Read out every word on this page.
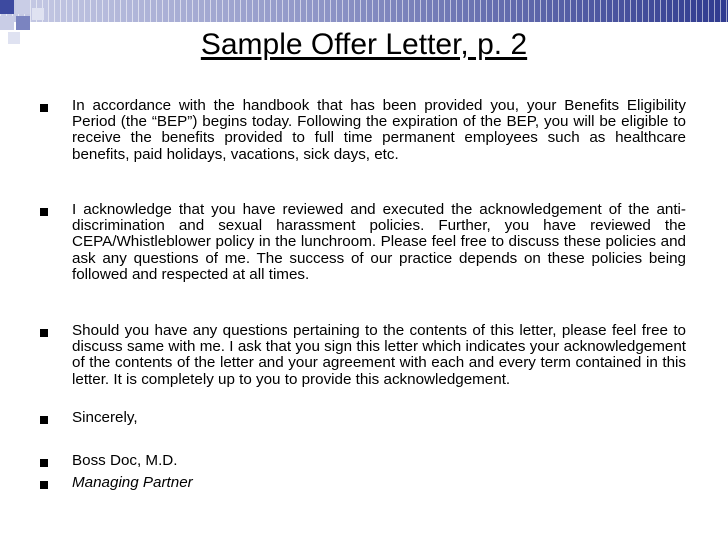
Sample Offer Letter, p. 2
In accordance with the handbook that has been provided you, your Benefits Eligibility Period (the “BEP”) begins today. Following the expiration of the BEP, you will be eligible to receive the benefits provided to full time permanent employees such as healthcare benefits, paid holidays, vacations, sick days, etc.
I acknowledge that you have reviewed and executed the acknowledgement of the anti- discrimination and sexual harassment policies. Further, you have reviewed the CEPA/Whistleblower policy in the lunchroom. Please feel free to discuss these policies and ask any questions of me. The success of our practice depends on these policies being followed and respected at all times.
Should you have any questions pertaining to the contents of this letter, please feel free to discuss same with me. I ask that you sign this letter which indicates your acknowledgement of the contents of the letter and your agreement with each and every term contained in this letter. It is completely up to you to provide this acknowledgement.
Sincerely,
Boss Doc, M.D.
Managing Partner
